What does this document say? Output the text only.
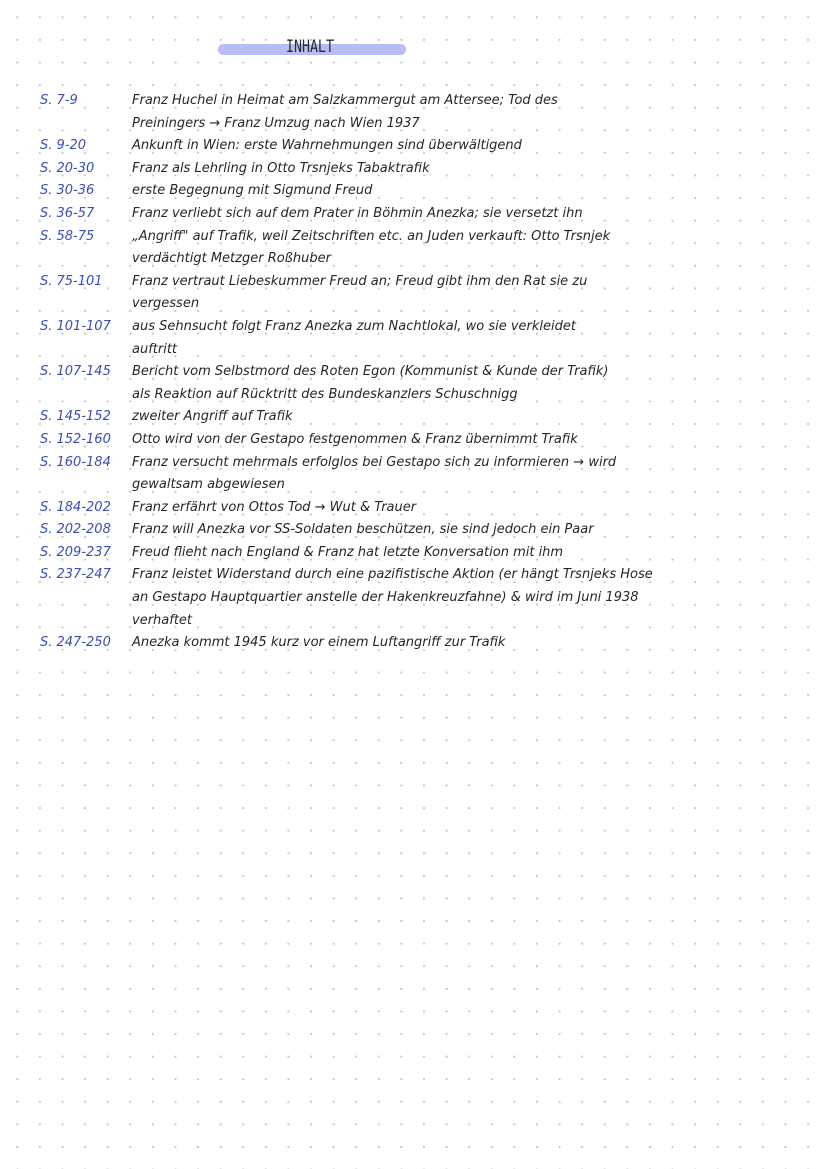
INHALT
S. 7-9	Franz Huchel in Heimat am Salzkammergut am Attersee; Tod des
Preiningers → Franz Umzug nach Wien 1937
S. 9-20	Ankunft in Wien: erste Wahrnehmungen sind überwältigend
S. 20-30	Franz als Lehrling in Otto Trsnjeks Tabaktrafik
S. 30-36	erste Begegnung mit Sigmund Freud
S. 36-57	Franz verliebt sich auf dem Prater in Böhmin Anezka; sie versetzt ihn
S. 58-75	„Angriff" auf Trafik, weil Zeitschriften etc. an Juden verkauft: Otto Trsnjek
verdächtigt Metzger Roßhuber
S. 75-101	Franz vertraut Liebeskummer Freud an; Freud gibt ihm den Rat sie zu
vergessen
S. 101-107	aus Sehnsucht folgt Franz Anezka zum Nachtlokal, wo sie verkleidet
auftritt
S. 107-145	Bericht vom Selbstmord des Roten Egon (Kommunist & Kunde der Trafik)
als Reaktion auf Rücktritt des Bundeskanzlers Schuschnigg
S. 145-152	zweiter Angriff auf Trafik
S. 152-160	Otto wird von der Gestapo festgenommen & Franz übernimmt Trafik
S. 160-184	Franz versucht mehrmals erfolglos bei Gestapo sich zu informieren → wird
gewaltsam abgewiesen
S. 184-202	Franz erfährt von Ottos Tod → Wut & Trauer
S. 202-208	Franz will Anezka vor SS-Soldaten beschützen, sie sind jedoch ein Paar
S. 209-237	Freud flieht nach England & Franz hat letzte Konversation mit ihm
S. 237-247	Franz leistet Widerstand durch eine pazifistische Aktion (er hängt Trsnjeks Hose
an Gestapo Hauptquartier anstelle der Hakenkreuzfahne) & wird im Juni 1938
verhaftet
S. 247-250	Anezka kommt 1945 kurz vor einem Luftangriff zur Trafik
